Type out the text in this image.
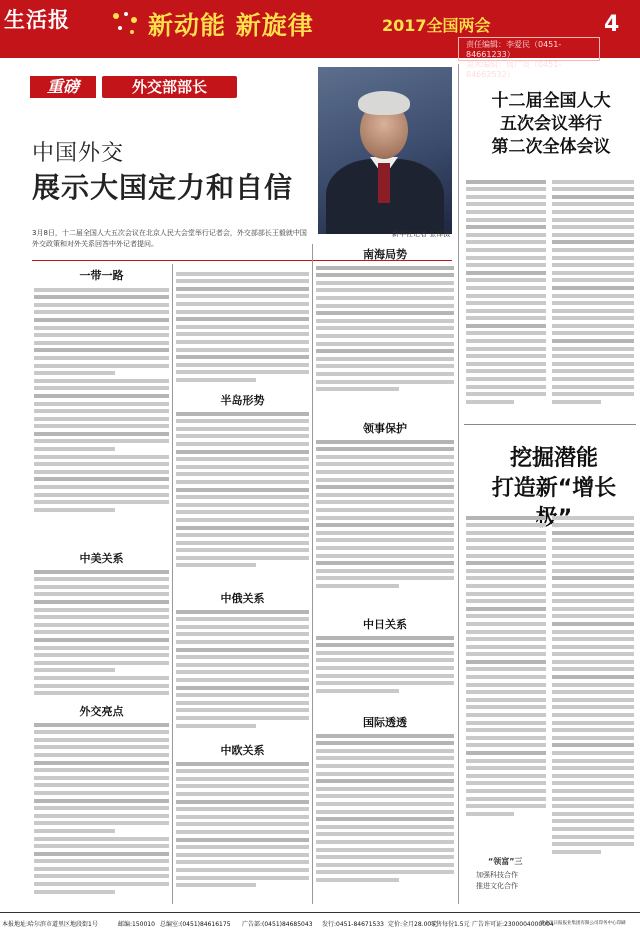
生活报	新动能 新旋律	2017全国两会	4
责任编辑：李爱民（0451-84661233）
美术编辑：周广英（0451-84662532）
重磅	外交部部长
中国外交
展示大国定力和自信
新华社记者 张铎摄
3月8日，十二届全国人大五次会议在北京人民大会堂举行记者会，外交部部长王毅就中国外交政策和对外关系回答中外记者提问。
一带一路
中美关系
外交亮点
半岛形势
中俄关系
中欧关系
南海局势
领事保护
中日关系
国际透透
十二届全国人大
五次会议举行
第二次全体会议
挖掘潜能
打造新“增长极
“领富”三
加强科技合作
推进文化合作
本报地址:哈尔滨市道里区地段街1号	邮编:150010 总编室:(0451)84616175 广告部:(0451)84685043 发行:0451-84671533 定价:全月28.00元
零售每份1.5元 广告许可证:2300004000004
黑龙江日报报业集团有限公司印务中心印刷
